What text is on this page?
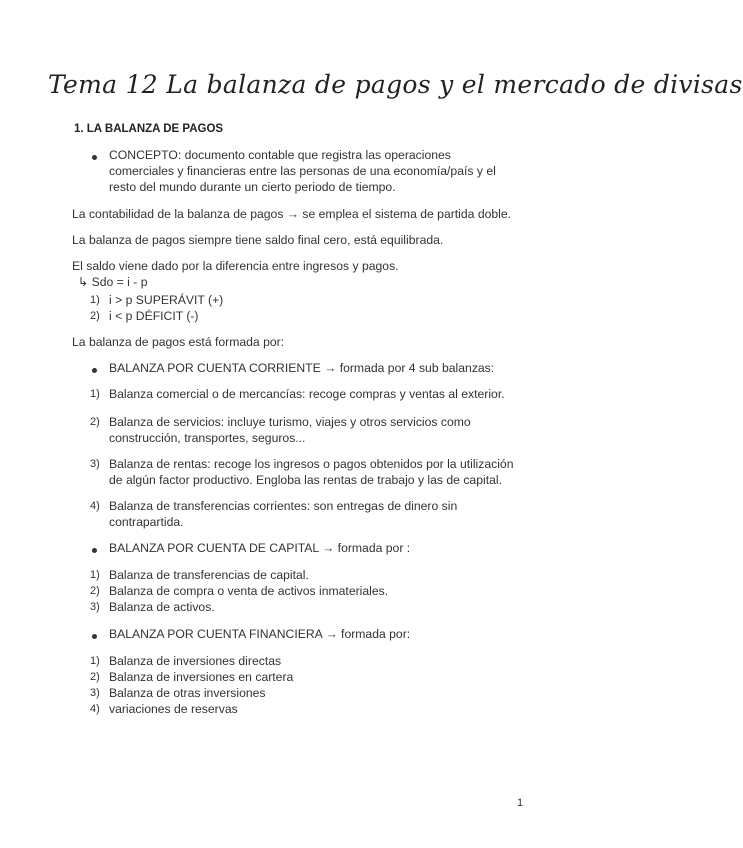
Tema 12 La balanza de pagos y el mercado de divisas
1. LA BALANZA DE PAGOS
CONCEPTO: documento contable que registra las operaciones
comerciales y financieras entre las personas de una economía/país y el
resto del mundo durante un cierto periodo de tiempo.
La contabilidad de la balanza de pagos → se emplea el sistema de partida doble.
La balanza de pagos siempre tiene saldo final cero, está equilibrada.
El saldo viene dado por la diferencia entre ingresos y pagos.
↳ Sdo = i - p
1) i > p SUPERÁVIT (+)
2) i < p DÉFICIT (-)
La balanza de pagos está formada por:
BALANZA POR CUENTA CORRIENTE → formada por 4 sub balanzas:
1) Balanza comercial o de mercancías: recoge compras y ventas al exterior.
2) Balanza de servicios: incluye turismo, viajes y otros servicios como
construcción, transportes, seguros...
3) Balanza de rentas: recoge los ingresos o pagos obtenidos por la utilización
de algún factor productivo. Engloba las rentas de trabajo y las de capital.
4) Balanza de transferencias corrientes: son entregas de dinero sin
contrapartida.
BALANZA POR CUENTA DE CAPITAL → formada por :
1) Balanza de transferencias de capital.
2) Balanza de compra o venta de activos inmateriales.
3) Balanza de activos.
BALANZA POR CUENTA FINANCIERA → formada por:
1) Balanza de inversiones directas
2) Balanza de inversiones en cartera
3) Balanza de otras inversiones
4) variaciones de reservas
1
